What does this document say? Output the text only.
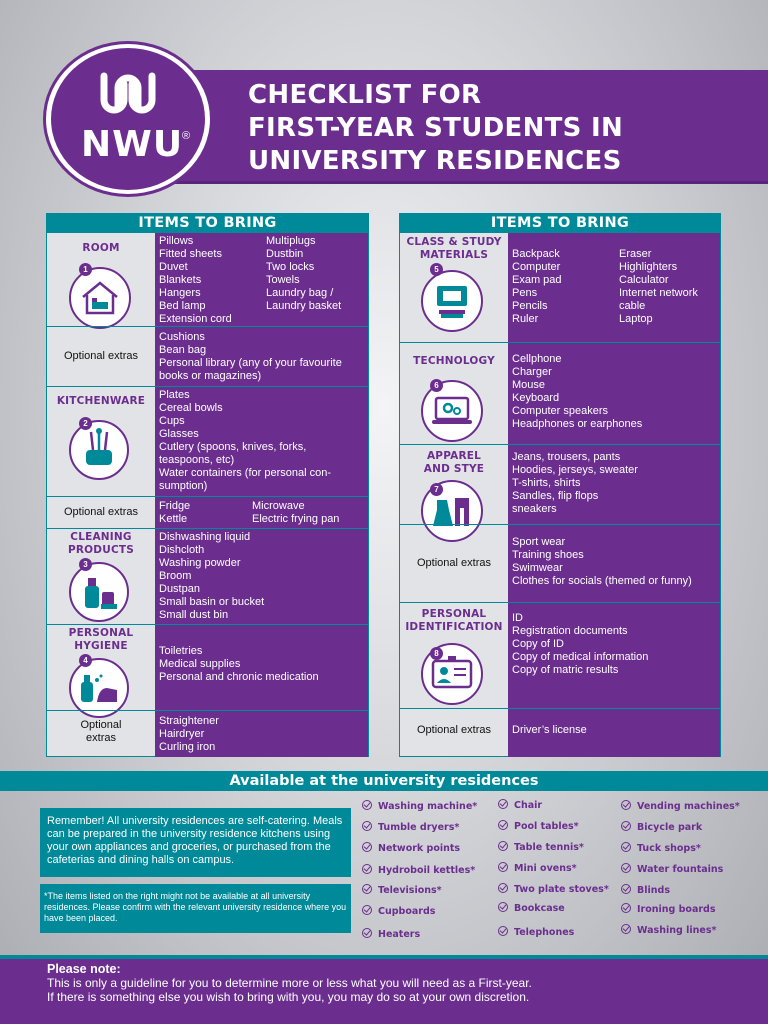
CHECKLIST FOR
FIRST-YEAR STUDENTS IN
UNIVERSITY RESIDENCES
NWU
®
ITEMS TO BRING
ROOM
1
Pillows
Fitted sheets
Duvet
Blankets
Hangers
Bed lamp
Extension cord
Multiplugs
Dustbin
Two locks
Towels
Laundry bag /
Laundry basket
Optional extras
Cushions
Bean bag
Personal library (any of your favourite
books or magazines)
KITCHENWARE
2
Plates
Cereal bowls
Cups
Glasses
Cutlery (spoons, knives, forks,
teaspoons, etc)
Water containers (for personal con-
sumption)
Optional extras	Fridge
Kettle
Microwave
Electric frying pan
CLEANING
PRODUCTS
3
Dishwashing liquid
Dishcloth
Washing powder
Broom
Dustpan
Small basin or bucket
Small dust bin
PERSONAL
HYGIENE
4
Toiletries
Medical supplies
Personal and chronic medication
Optional
extras
Straightener
Hairdryer
Curling iron
ITEMS TO BRING
CLASS & STUDY
MATERIALS
5
Backpack
Computer
Exam pad
Pens
Pencils
Ruler
Eraser
Highlighters
Calculator
Internet network
cable
Laptop
TECHNOLOGY
6
Cellphone
Charger
Mouse
Keyboard
Computer speakers
Headphones or earphones
APPAREL
AND STYE
7
Jeans, trousers, pants
Hoodies, jerseys, sweater
T-shirts, shirts
Sandles, flip flops
sneakers
Optional extras
Sport wear
Training shoes
Swimwear
Clothes for socials (themed or funny)
PERSONAL
IDENTIFICATION
8
ID
Registration documents
Copy of ID
Copy of medical information
Copy of matric results
Optional extras	Driver’s license
Available at the university residences
Remember! All university residences are self-catering. Meals can be prepared in the university residence kitchens using your own appliances and groceries, or purchased from the cafeterias and dining halls on campus.
*The items listed on the right might not be available at all university residences. Please confirm with the relevant university residence where you have been placed.
Washing machine*
Tumble dryers*
Network points
Hydroboil kettles*
Televisions*
Cupboards
Heaters
Chair
Pool tables*
Table tennis*
Mini ovens*
Two plate stoves*
Bookcase
Telephones
Vending machines*
Bicycle park
Tuck shops*
Water fountains
Blinds
Ironing boards
Washing lines*
Please note:
This is only a guideline for you to determine more or less what you will need as a First-year.
If there is something else you wish to bring with you, you may do so at your own discretion.
